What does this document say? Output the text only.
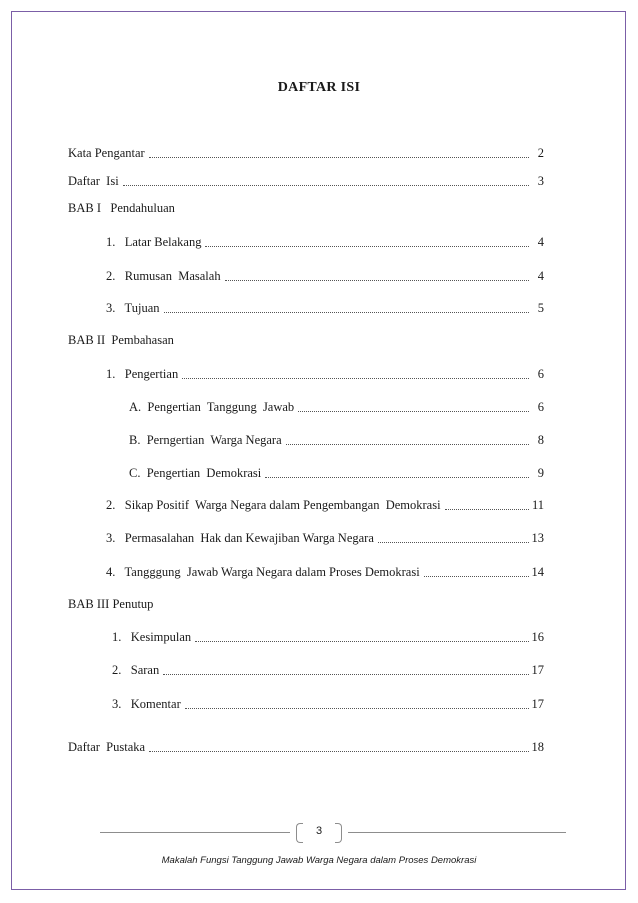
DAFTAR ISI
Kata Pengantar	2
Daftar  Isi	3
BAB I   Pendahuluan
1.   Latar Belakang	4
2.   Rumusan  Masalah	4
3.   Tujuan	5
BAB II  Pembahasan
1.   Pengertian	6
A.  Pengertian  Tanggung  Jawab	6
B.  Perngertian  Warga Negara	8
C.  Pengertian  Demokrasi	9
2.   Sikap Positif  Warga Negara dalam Pengembangan  Demokrasi	11
3.   Permasalahan  Hak dan Kewajiban Warga Negara	13
4.   Tangggung  Jawab Warga Negara dalam Proses Demokrasi	14
BAB III Penutup
1.   Kesimpulan	16
2.   Saran	17
3.   Komentar	17
Daftar  Pustaka	18
3
Makalah Fungsi Tanggung Jawab Warga Negara dalam Proses Demokrasi
